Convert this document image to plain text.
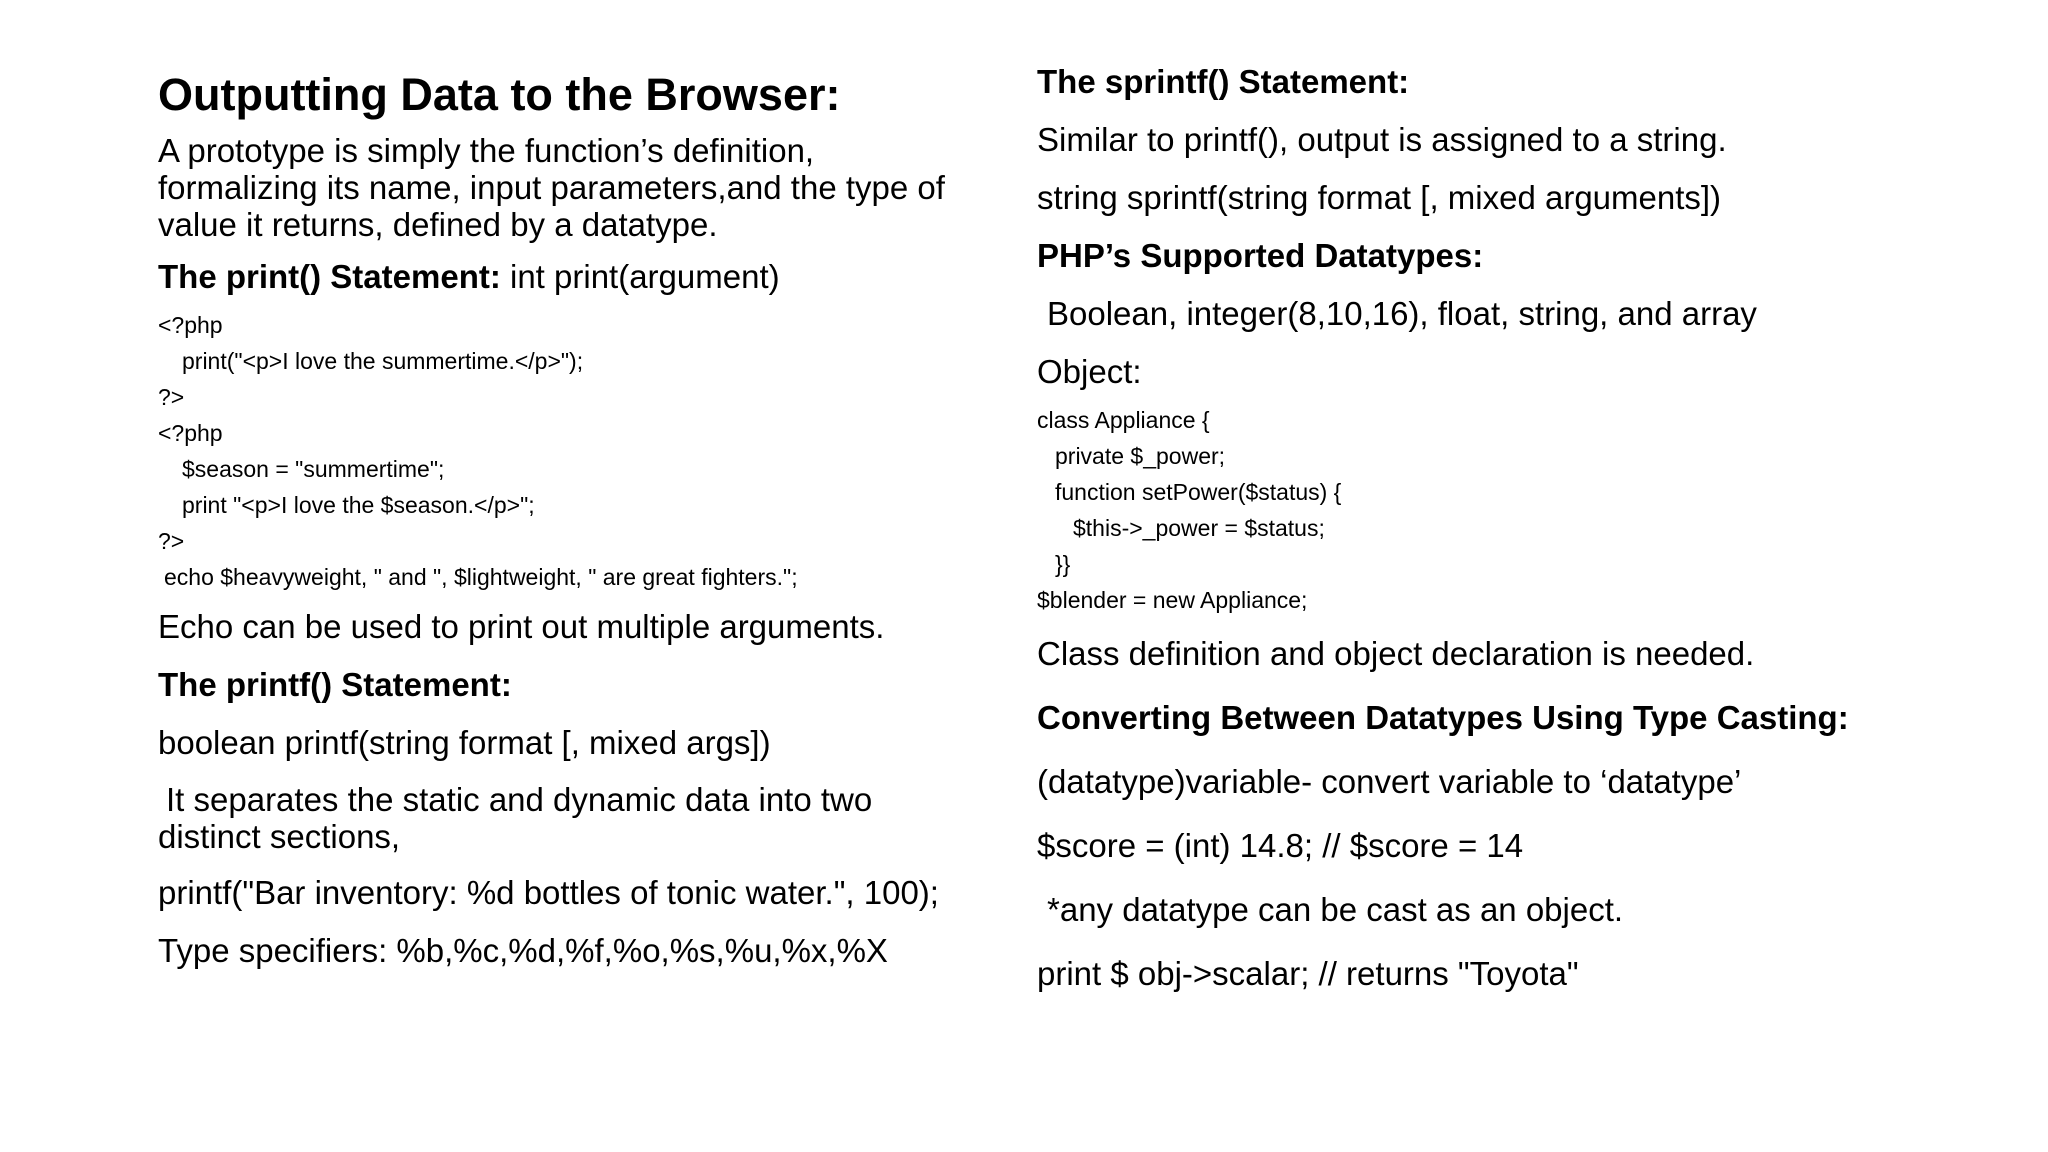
Outputting Data to the Browser:
A prototype is simply the function’s definition,
formalizing its name, input parameters,and the type of
value it returns, defined by a datatype.
The print() Statement: int print(argument)
<?php
print("<p>I love the summertime.</p>");
?>
<?php
$season = "summertime";
print "<p>I love the $season.</p>";
?>
echo $heavyweight, " and ", $lightweight, " are great fighters.";
Echo can be used to print out multiple arguments.
The printf() Statement:
boolean printf(string format [, mixed args])
It separates the static and dynamic data into two
distinct sections,
printf("Bar inventory: %d bottles of tonic water.", 100);
Type specifiers: %b,%c,%d,%f,%o,%s,%u,%x,%X
The sprintf() Statement:
Similar to printf(), output is assigned to a string.
string sprintf(string format [, mixed arguments])
PHP’s Supported Datatypes:
Boolean, integer(8,10,16), float, string, and array
Object:
class Appliance {
private $_power;
function setPower($status) {
$this->_power = $status;
}}
$blender = new Appliance;
Class definition and object declaration is needed.
Converting Between Datatypes Using Type Casting:
(datatype)variable- convert variable to ‘datatype’
$score = (int) 14.8; // $score = 14
*any datatype can be cast as an object.
print $ obj->scalar; // returns "Toyota"
